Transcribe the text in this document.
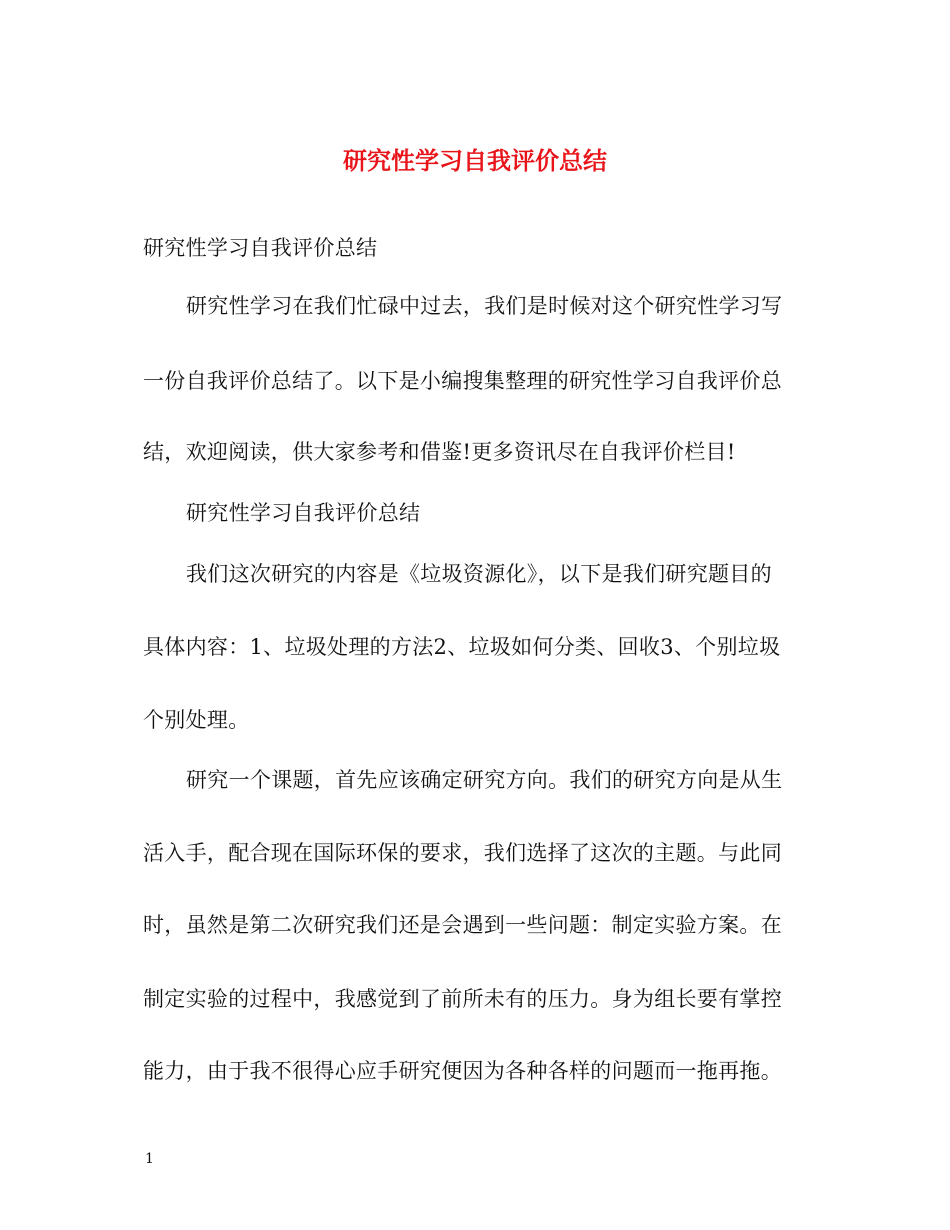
研究性学习自我评价总结

研究性学习自我评价总结

研究性学习在我们忙碌中过去，我们是时候对这个研究性学习写

一份自我评价总结了。以下是小编搜集整理的研究性学习自我评价总

结，欢迎阅读，供大家参考和借鉴!更多资讯尽在自我评价栏目!

研究性学习自我评价总结

我们这次研究的内容是《垃圾资源化》，以下是我们研究题目的

具体内容：1、垃圾处理的方法2、垃圾如何分类、回收3、个别垃圾

个别处理。

研究一个课题，首先应该确定研究方向。我们的研究方向是从生

活入手，配合现在国际环保的要求，我们选择了这次的主题。与此同

时，虽然是第二次研究我们还是会遇到一些问题：制定实验方案。在

制定实验的过程中，我感觉到了前所未有的压力。身为组长要有掌控

能力，由于我不很得心应手研究便因为各种各样的问题而一拖再拖。

1
